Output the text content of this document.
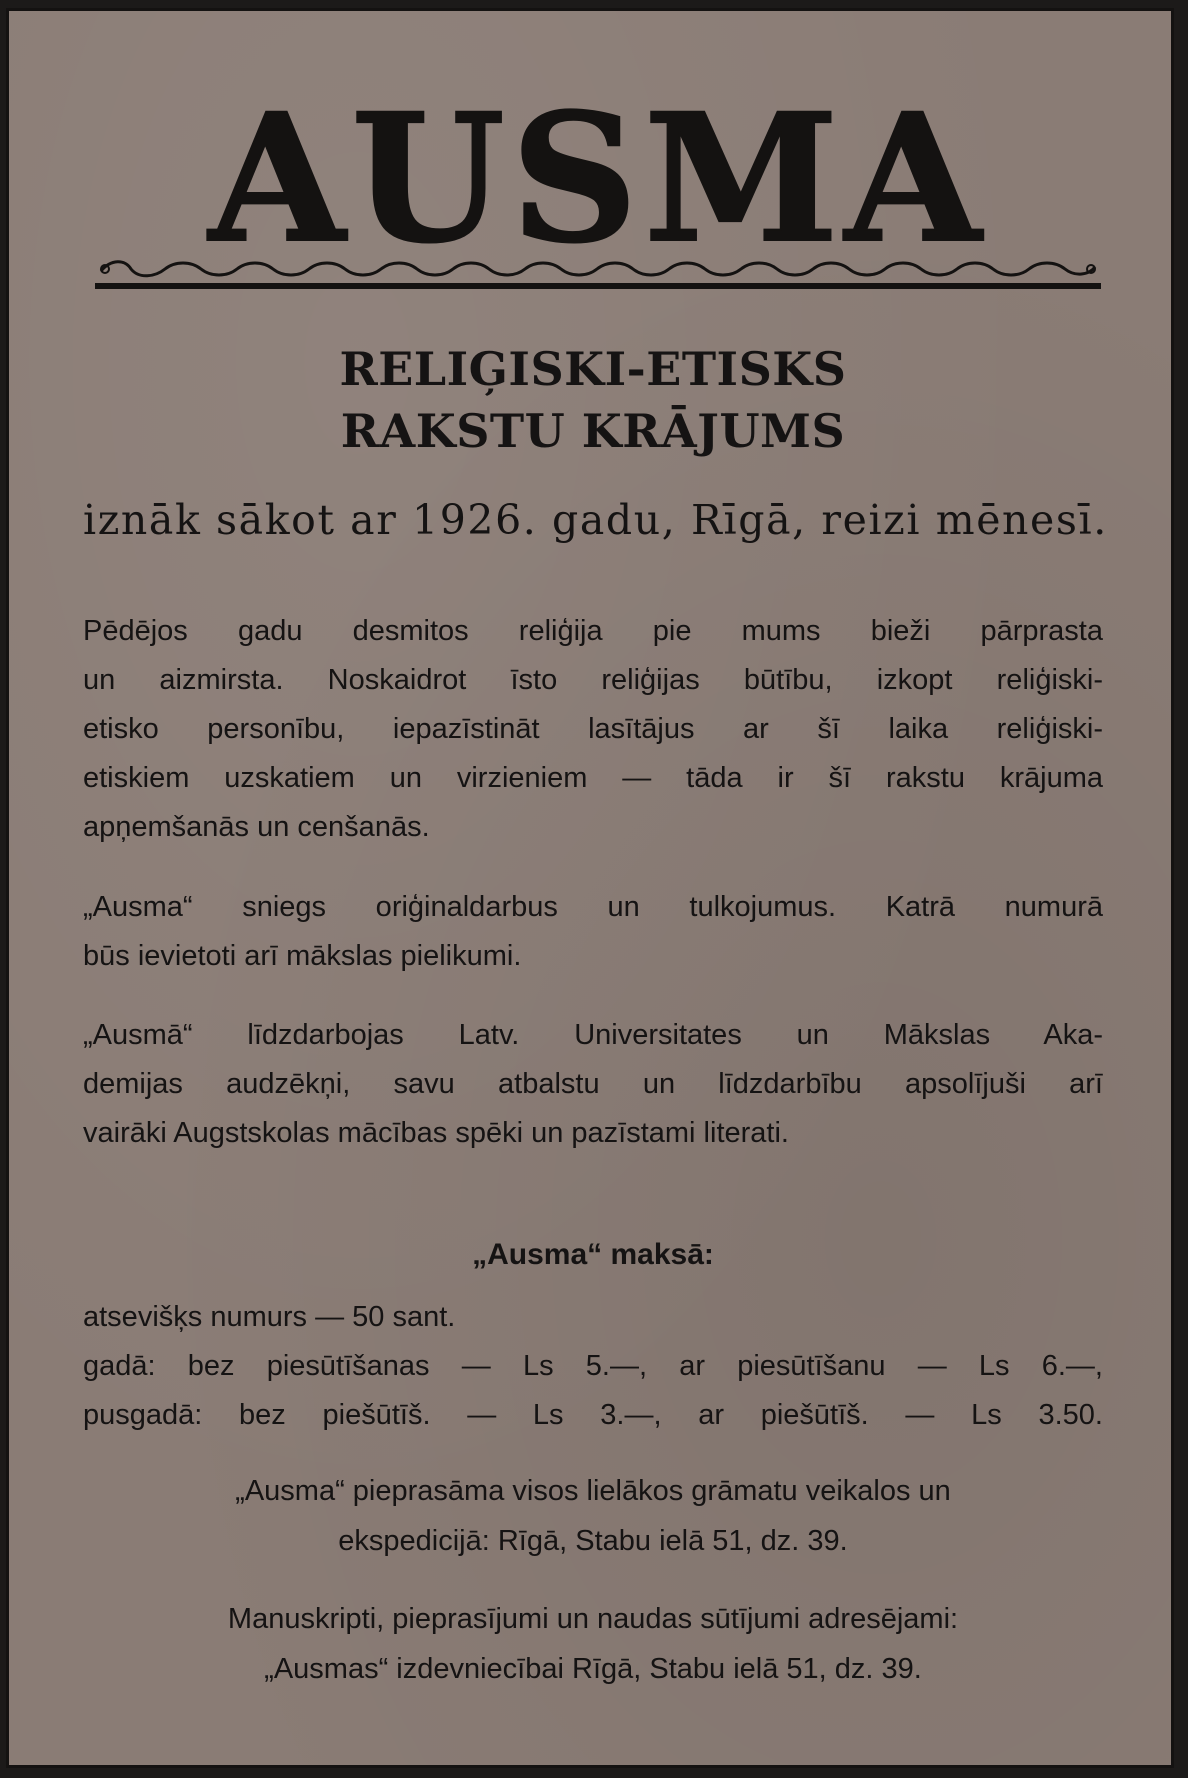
AUSMA
RELIĢISKI-ETISKS
RAKSTU KRĀJUMS
iznāk sākot ar 1926. gadu, Rīgā, reizi mēnesī.
Pēdējos gadu desmitos reliģija pie mums bieži pārprasta
un aizmirsta. Noskaidrot īsto reliģijas būtību, izkopt reliģiski-
etisko personību, iepazīstināt lasītājus ar šī laika reliģiski-
etiskiem uzskatiem un virzieniem — tāda ir šī rakstu krājuma
apņemšanās un cenšanās.
„Ausma“ sniegs oriģinaldarbus un tulkojumus. Katrā numurā
būs ievietoti arī mākslas pielikumi.
„Ausmā“ līdzdarbojas Latv. Universitates un Mākslas Aka-
demijas audzēkņi, savu atbalstu un līdzdarbību apsolījuši arī
vairāki Augstskolas mācības spēki un pazīstami literati.
„Ausma“ maksā:
atsevišķs numurs — 50 sant.
gadā: bez piesūtīšanas — Ls 5.—, ar piesūtīšanu — Ls 6.—,
pusgadā: bez piešūtīš. — Ls 3.—, ar piešūtīš. — Ls 3.50.
„Ausma“ pieprasāma visos lielākos grāmatu veikalos un
ekspedicijā: Rīgā, Stabu ielā 51, dz. 39.
Manuskripti, pieprasījumi un naudas sūtījumi adresējami:
„Ausmas“ izdevniecībai Rīgā, Stabu ielā 51, dz. 39.
